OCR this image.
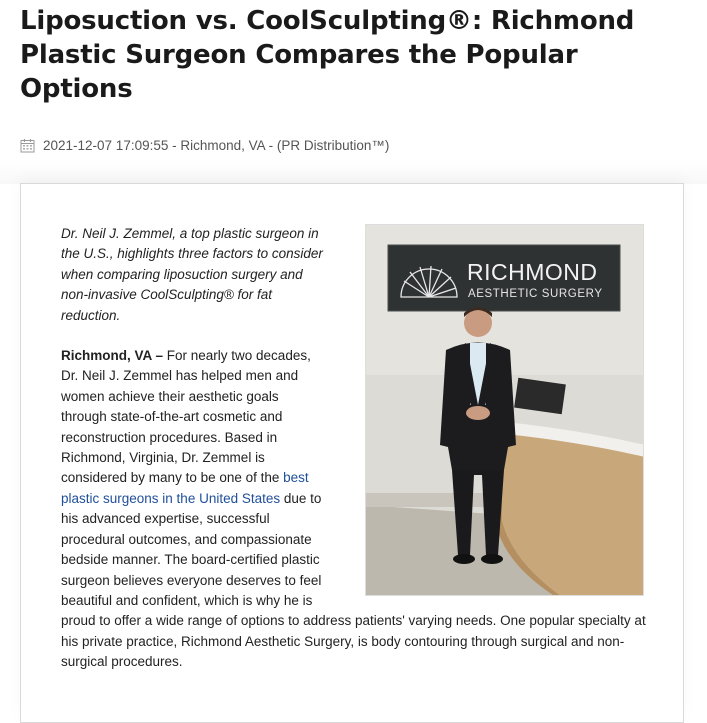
Liposuction vs. CoolSculpting®: Richmond Plastic Surgeon Compares the Popular Options
2021-12-07 17:09:55 - Richmond, VA - (PR Distribution™)
RICHMOND
AESTHETIC SURGERY

Dr. Neil J. Zemmel, a top plastic surgeon in the U.S., highlights three factors to consider when comparing liposuction surgery and non-invasive CoolSculpting® for fat reduction.

Richmond, VA – For nearly two decades, Dr. Neil J. Zemmel has helped men and women achieve their aesthetic goals through state-of-the-art cosmetic and reconstruction procedures. Based in Richmond, Virginia, Dr. Zemmel is considered by many to be one of the best plastic surgeons in the United States due to his advanced expertise, successful procedural outcomes, and compassionate bedside manner. The board-certified plastic surgeon believes everyone deserves to feel beautiful and confident, which is why he is proud to offer a wide range of options to address patients' varying needs. One popular specialty at his private practice, Richmond Aesthetic Surgery, is body contouring through surgical and non-surgical procedures.
